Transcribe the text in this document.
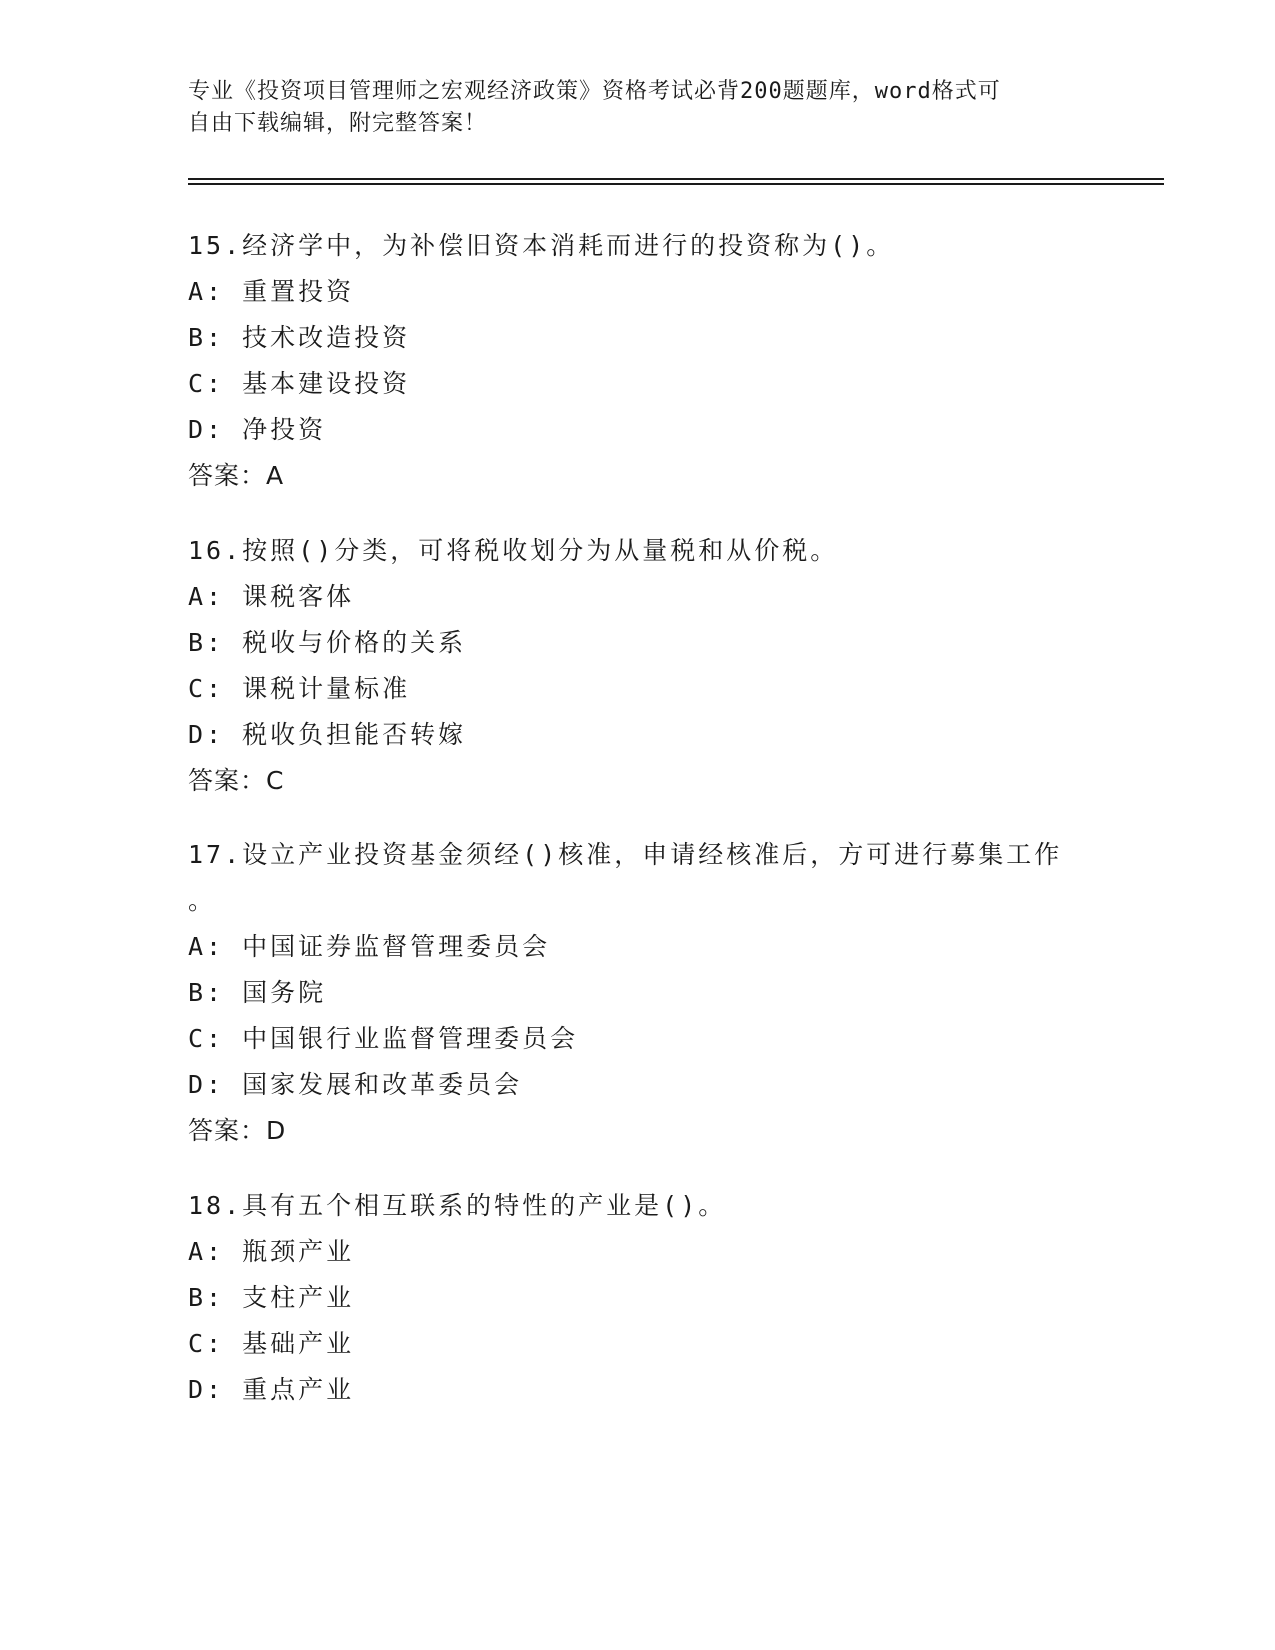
专业《投资项目管理师之宏观经济政策》资格考试必背200题题库，word格式可
自由下载编辑，附完整答案！

15.经济学中，为补偿旧资本消耗而进行的投资称为()。

A: 重置投资

B: 技术改造投资

C: 基本建设投资

D: 净投资

答案：A

16.按照()分类，可将税收划分为从量税和从价税。

A: 课税客体

B: 税收与价格的关系

C: 课税计量标准

D: 税收负担能否转嫁

答案：C

17.设立产业投资基金须经()核准，申请经核准后，方可进行募集工作

。

A: 中国证券监督管理委员会

B: 国务院

C: 中国银行业监督管理委员会

D: 国家发展和改革委员会

答案：D

18.具有五个相互联系的特性的产业是()。

A: 瓶颈产业

B: 支柱产业

C: 基础产业

D: 重点产业
